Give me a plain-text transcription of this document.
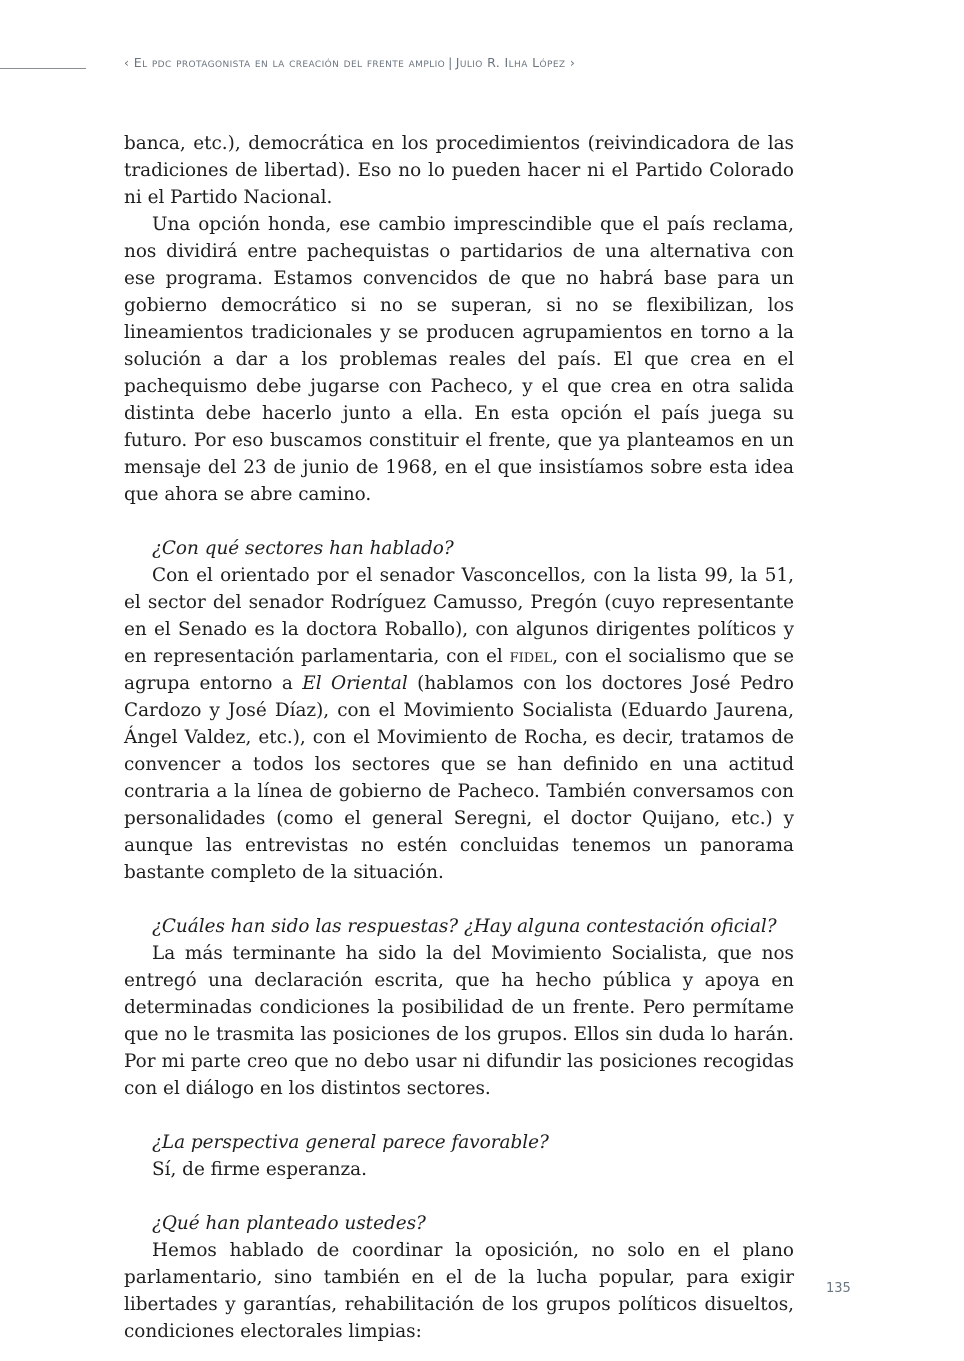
‹ El pdc protagonista en la creación del frente amplio | Julio R. Ilha López ›

banca, etc.), democrática en los procedimientos (reivindicadora de las tradiciones de libertad). Eso no lo pueden hacer ni el Partido Colorado ni el Partido Nacional.

Una opción honda, ese cambio imprescindible que el país reclama, nos dividirá entre pachequistas o partidarios de una alternativa con ese programa. Estamos convencidos de que no habrá base para un gobierno democrático si no se superan, si no se flexibilizan, los lineamientos tradicionales y se producen agrupamientos en torno a la solución a dar a los problemas reales del país. El que crea en el pachequismo debe jugarse con Pacheco, y el que crea en otra salida distinta debe hacerlo junto a ella. En esta opción el país juega su futuro. Por eso buscamos constituir el frente, que ya planteamos en un mensaje del 23 de junio de 1968, en el que insistíamos sobre esta idea que ahora se abre camino.

¿Con qué sectores han hablado?

Con el orientado por el senador Vasconcellos, con la lista 99, la 51, el sector del senador Rodríguez Camusso, Pregón (cuyo representante en el Senado es la doctora Roballo), con algunos dirigentes políticos y en representación parlamentaria, con el fidel, con el socialismo que se agrupa entorno a El Oriental (hablamos con los doctores José Pedro Cardozo y José Díaz), con el Movimiento Socialista (Eduardo Jaurena, Ángel Valdez, etc.), con el Movimiento de Rocha, es decir, tratamos de convencer a todos los sectores que se han definido en una actitud contraria a la línea de gobierno de Pacheco. También conversamos con personalidades (como el general Seregni, el doctor Quijano, etc.) y aunque las entrevistas no estén concluidas tenemos un panorama bastante completo de la situación.

¿Cuáles han sido las respuestas? ¿Hay alguna contestación oficial?

La más terminante ha sido la del Movimiento Socialista, que nos entregó una declaración escrita, que ha hecho pública y apoya en determinadas condiciones la posibilidad de un frente. Pero permítame que no le trasmita las posiciones de los grupos. Ellos sin duda lo harán. Por mi parte creo que no debo usar ni difundir las posiciones recogidas con el diálogo en los distintos sectores.

¿La perspectiva general parece favorable?

Sí, de firme esperanza.

¿Qué han planteado ustedes?

Hemos hablado de coordinar la oposición, no solo en el plano parlamentario, sino también en el de la lucha popular, para exigir libertades y garantías, rehabilitación de los grupos políticos disueltos, condiciones electorales limpias:

135
